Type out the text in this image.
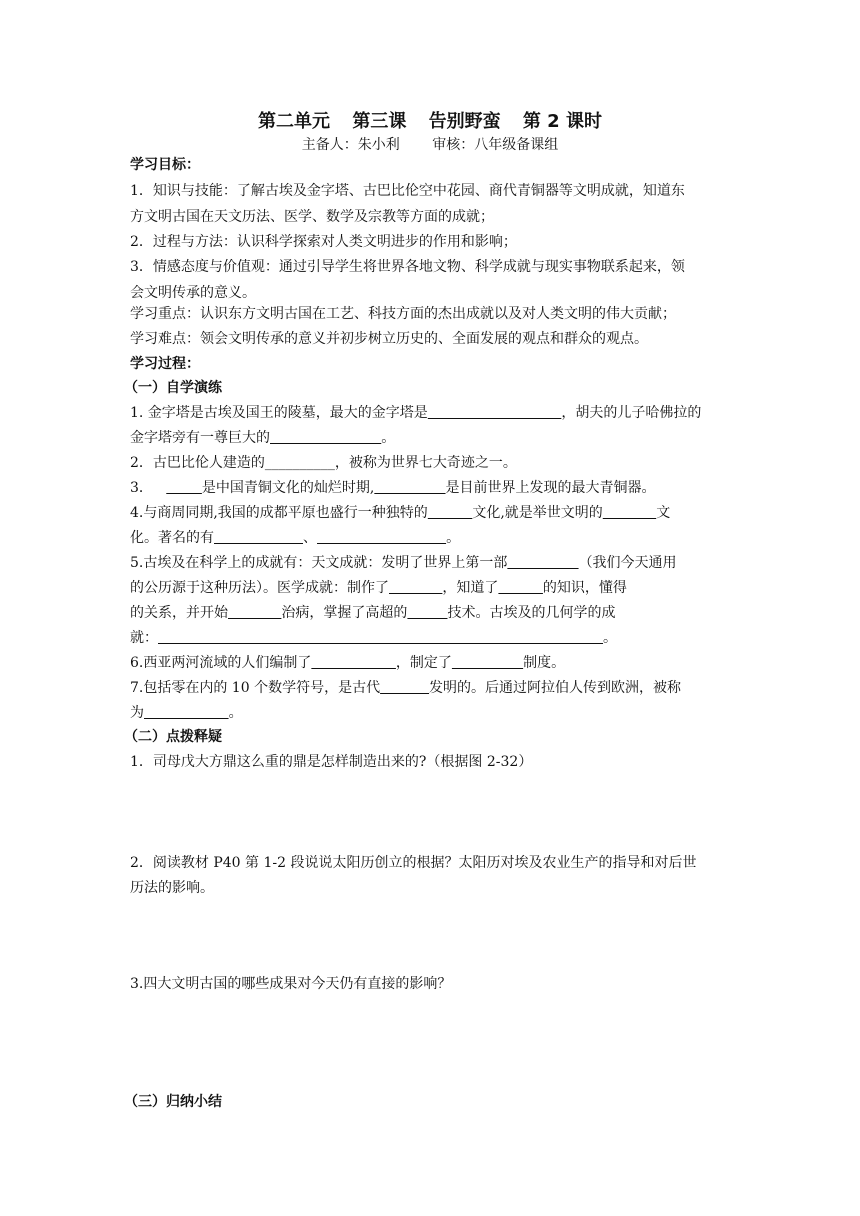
第二单元 第三课 告别野蛮 第 2 课时
主备人：朱小利 审核：八年级备课组
学习目标：
1．知识与技能：了解古埃及金字塔、古巴比伦空中花园、商代青铜器等文明成就，知道东
方文明古国在天文历法、医学、数学及宗教等方面的成就；
2．过程与方法：认识科学探索对人类文明进步的作用和影响；
3．情感态度与价值观：通过引导学生将世界各地文物、科学成就与现实事物联系起来，领
会文明传承的意义。
学习重点：认识东方文明古国在工艺、科技方面的杰出成就以及对人类文明的伟大贡献；
学习难点：领会文明传承的意义并初步树立历史的、全面发展的观点和群众的观点。
学习过程：
（一）自学演练
1. 金字塔是古埃及国王的陵墓，最大的金字塔是	，胡夫的儿子哈佛拉的
金字塔旁有一尊巨大的	。
2．古巴比伦人建造的__________，被称为世界七大奇迹之一。
3．	是中国青铜文化的灿烂时期,	是目前世界上发现的最大青铜器。
4.与商周同期,我国的成都平原也盛行一种独特的	文化,就是举世文明的	文
化。著名的有	、	。
5.古埃及在科学上的成就有：天文成就：发明了世界上第一部	（我们今天通用
的公历源于这种历法）。医学成就：制作了	，知道了	的知识，懂得
的关系，并开始	治病，掌握了高超的	技术。古埃及的几何学的成
就：	。
6.西亚两河流域的人们编制了	，制定了	制度。
7.包括零在内的 10 个数学符号，是古代	发明的。后通过阿拉伯人传到欧洲，被称
为	。
（二）点拨释疑
1．司母戊大方鼎这么重的鼎是怎样制造出来的?（根据图 2-32）
2．阅读教材 P40 第 1-2 段说说太阳历创立的根据？太阳历对埃及农业生产的指导和对后世
历法的影响。
3.四大文明古国的哪些成果对今天仍有直接的影响？
（三）归纳小结
